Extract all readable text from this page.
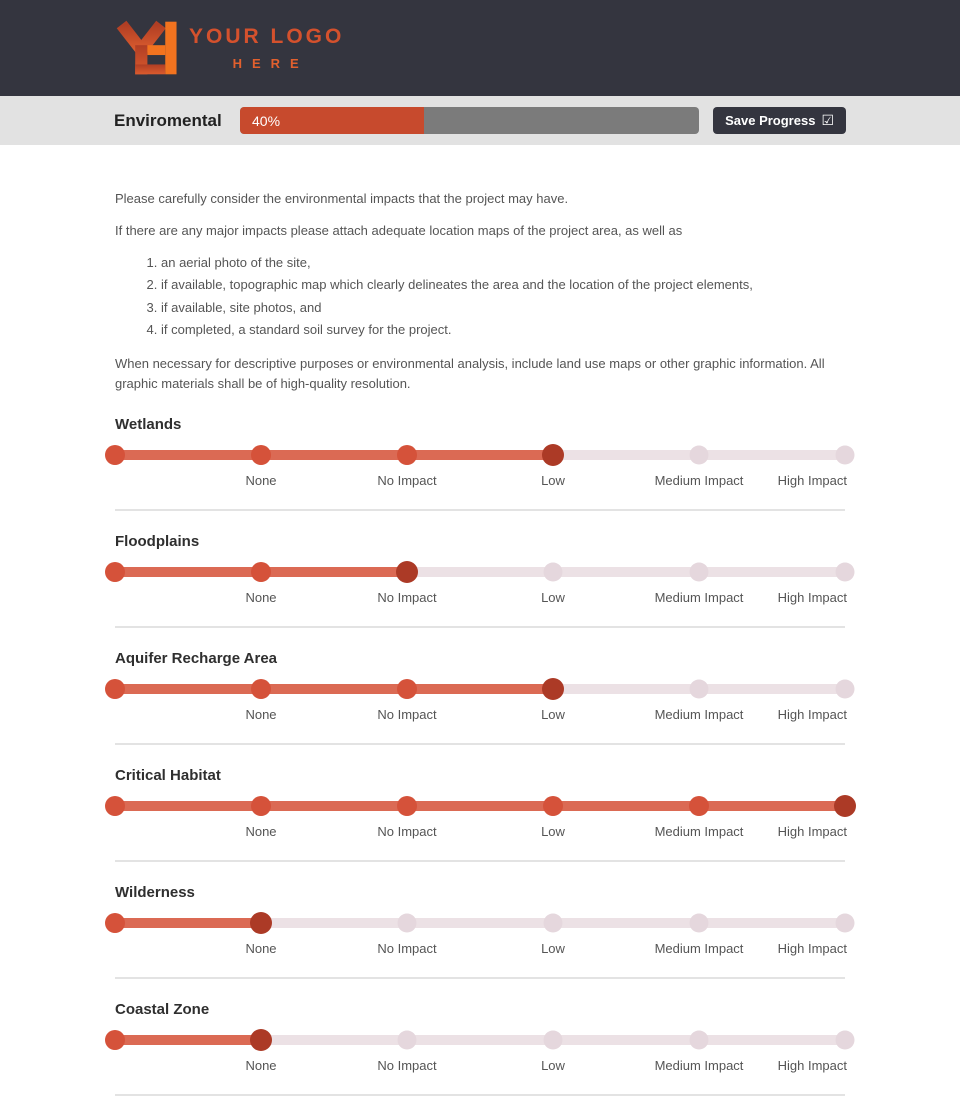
YOUR LOGO
HERE
Enviromental	40%	Save Progress ☑

Please carefully consider the environmental impacts that the project may have.

If there are any major impacts please attach adequate location maps of the project area, as well as

1. an aerial photo of the site,
2. if available, topographic map which clearly delineates the area and the location of the project elements,
3. if available, site photos, and
4. if completed, a standard soil survey for the project.

When necessary for descriptive purposes or environmental analysis, include land use maps or other graphic information. All graphic materials shall be of high-quality resolution.

Wetlands
None	No Impact	Low	Medium Impact	High Impact
Floodplains
None	No Impact	Low	Medium Impact	High Impact
Aquifer Recharge Area
None	No Impact	Low	Medium Impact	High Impact
Critical Habitat
None	No Impact	Low	Medium Impact	High Impact
Wilderness
None	No Impact	Low	Medium Impact	High Impact
Coastal Zone
None	No Impact	Low	Medium Impact	High Impact
